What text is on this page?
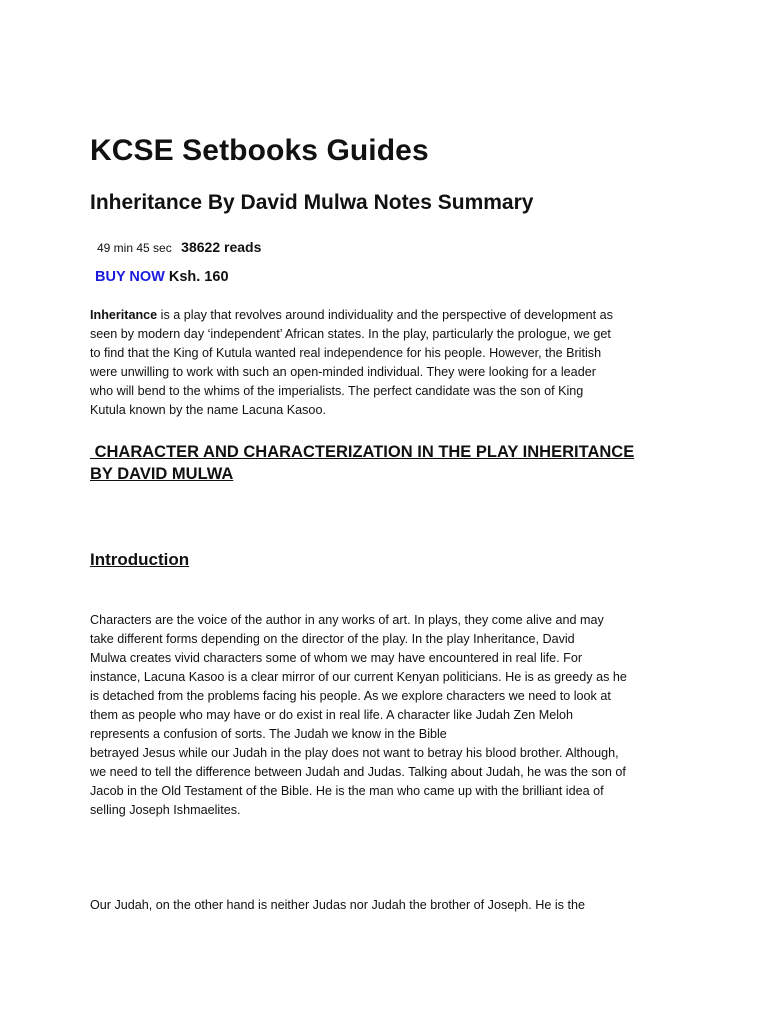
KCSE Setbooks Guides
Inheritance By David Mulwa Notes Summary
49 min 45 sec 38622 reads
BUY NOW Ksh. 160

Inheritance is a play that revolves around individuality and the perspective of development as
seen by modern day ‘independent’ African states. In the play, particularly the prologue, we get
to find that the King of Kutula wanted real independence for his people. However, the British
were unwilling to work with such an open-minded individual. They were looking for a leader
who will bend to the whims of the imperialists. The perfect candidate was the son of King
Kutula known by the name Lacuna Kasoo.

CHARACTER AND CHARACTERIZATION IN THE PLAY INHERITANCE
BY DAVID MULWA
Introduction

Characters are the voice of the author in any works of art. In plays, they come alive and may
take different forms depending on the director of the play. In the play Inheritance, David
Mulwa creates vivid characters some of whom we may have encountered in real life. For
instance, Lacuna Kasoo is a clear mirror of our current Kenyan politicians. He is as greedy as he
is detached from the problems facing his people. As we explore characters we need to look at
them as people who may have or do exist in real life. A character like Judah Zen Meloh
represents a confusion of sorts. The Judah we know in the Bible
betrayed Jesus while our Judah in the play does not want to betray his blood brother. Although,
we need to tell the difference between Judah and Judas. Talking about Judah, he was the son of
Jacob in the Old Testament of the Bible. He is the man who came up with the brilliant idea of
selling Joseph Ishmaelites.

Our Judah, on the other hand is neither Judas nor Judah the brother of Joseph. He is the
